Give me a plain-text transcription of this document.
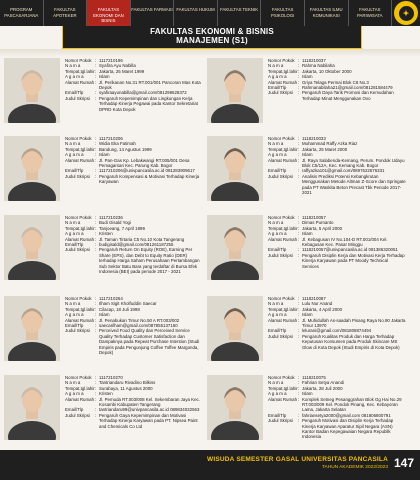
PROGRAM PASCASARJANA
FAKULTAS APOTEKER
FAKULTAS EKONOMI DAN BISNIS
FAKULTAS FARMASI FAKULTAS HUKUM	FAKULTAS TEKNIK	FAKULTAS PSIKOLOGI
FAKULTAS ILMU KOMUNIKASI
FAKULTAS PARIWISATA	✦
FAKULTAS EKONOMI & BISNIS
MANAJEMEN (S1)
Nomor Pokok : 1117210196
N a m a	: Syafira Ayu Nabilla
Tempat,tgl.lahir : Jakarta, 25 Maret 1999
A g a m a	: Islam
Alamat Rumah : Jl. Perikanan No.31 RT.001/001 Pancoran Mas Kota Depok
Email/Tlp	: syafiraayunabilla@gmail.com/081298628372
Judul Skripsi	: Pengaruh Kepemimpinan dan Lingkungan Kerja Terhadap Kinerja Pegawai pada Kantor Sekretariat DPRD Kota Depok
Nomor Pokok : 1118210037
N a m a	: Rahma Nabilaha
Tempat,tgl.lahir : Jakarta, 10 Oktober 2000
A g a m a	: Islam
Alamat Rumah : Griya Telaga Permai Blok C8 No.3
Email/Tlp	: Rahmanabilaha21@gmail.com/081281584479
Judul Skripsi	: Pengaruh Daya Tarik Promosi dan Kemudahan Terhadap Minat Menggunakan Ovo
Nomor Pokok : 1117210206
N a m a	: Widia Eka Fatimah
Tempat,tgl.lahir : Bandung, 14 Agustus 1999
A g a m a	: Islam
Alamat Rumah : Jl. Pan-Gas Kp. Lebakwangi RT.005/001 Desa Pemagarsari Kec. Parung Kab. Bogor
Email/Tlp	: 1117210206@univpancasila.ac.id 081283909617
Judul Skripsi	: Pengaruh Kompensasi & Motivasi Terhadap Kinerja Karyawan
Nomor Pokok : 1118210033
N a m a	: Muhammad Raffy Azka Riaz
Tempat,tgl.lahir : Jakarta, 25 Maret 2000
A g a m a	: Islam
Alamat Rumah : Jl. Raya Salabenda-Kemang, Perum. Pondok Udayu Blok C5/12A, Kec. Kemang Kab. Bogor
Email/Tlp	: raffyazka101@gmail.com/0897622576331
Judul Skripsi	: Analisis Prediksi Potensi Kebangkrutan Menggunakan Metode Altman Z-Score dan Springate pada PT Waskita Beton Precast Tbk Periode 2017-2021
Nomor Pokok : 1117210236
N a m a	: Budi Gisald Yogi
Tempat,tgl.lahir : Tanjoeang, 7 April 1999
A g a m a	: Kristen
Alamat Rumah : Jl. Taman Tirtaria C5 No.10 Kota Tangerang
Email/Tlp	: budigisald@gmail.com/081261187255
Judul Skripsi	: Pengaruh Return On Equity (ROE), Earning Per Share (EPS), dan Debt to Equity Ratio (DER) terhadap Harga Saham Perusahaan Pertambangan Sub Sektor Batu Bara yang terdaftar di Bursa Efek Indonesia (BEI) pada periode 2017 - 2021
Nomor Pokok : 1118210057
N a m a	: Dimas Purnanto
Tempat,tgl.lahir : Jakarta, 5 April 2000
A g a m a	: Islam
Alamat Rumah : Jl. Kebagusan IV No.104-D RT.001/004 Kel. Kebagusan Kec. Pasar Minggu
Email/Tlp	: 1118210057@univpancasila.ac.id 081386320051
Judul Skripsi	: Pengaruh Disiplin Kerja dan Motivasi Kerja Terhadap Kinerja Karyawan pada PT Moody Technical Services
Nomor Pokok : 1117210264
N a m a	: Ilham Sigit Kholfuddin Saecar
Tempat,tgl.lahir : Cilacap, 18 Juli 1998
A g a m a	: Islam
Alamat Rumah : Jl. Penabukan Timur No.50 A RT.003/002
Email/Tlp	: saecarilham@gmail.com/087855137160
Judul Skripsi	: Perceived Food Quality dan Perceived Service Quality Terhadap Customer Satisfaction dan Dampaknya pada Repeat Purchase Intention (Studi Empiris pada Pengunjung Coffee Toffee Margonda, Depok)
Nomor Pokok : 1118210087
N a m a	: Lulu Nur Anand
Tempat,tgl.lahir : Jakarta, 4 April 2000
A g a m a	: Islam
Alamat Rumah : Jl. Muhidullah As-saadah Pisang Raya No.90 Jakarta Timur 13970
Email/Tlp	: lelurani@gmail.com/081808874494
Judul Skripsi	: Pengaruh Kualitas Produk dan Harga Terhadap Keputusan Konsumen pada Produk Skincare MS Glow di Kota Depok (Studi Empiris di Kota Depok)
Nomor Pokok : 1117210270
N a m a	: Tantriandaru Rivadino Bilkiss
Tempat,tgl.lahir : Surabaya, 11 Agustus 2000
A g a m a	: Kristen
Alamat Rumah : Jl. Pemuda RT.003/008 Kel. Sekembaran Jaya Kec. Kosambi Kabupaten Tangerang
Email/Tlp	: tantriandaru99@univpancasila.ac.id 089834032563
Judul Skripsi	: Pengaruh Gaya Kepemimpinan dan Motivasi Terhadap Kinerja Karyawan pada PT. Nipsea Paint and Chemicals Co Ltd
Nomor Pokok : 1118210075
N a m a	: Fahrian Setya Anandi
Tempat,tgl.lahir : Jakarta, 28 Juli 2000
A g a m a	: Islam
Alamat Rumah : Komplek Setneg Pesanggrahan Blok Gg Hai No.29 RT.003/009 Kel. Pondok Pinang, Kec. Kebayoran Lama, Jakarta Selatan
Email/Tlp	: fahriansetya2000@gmail.com 081806800791
Judul Skripsi	: Pengaruh Motivasi dan Disiplin Kerja Terhadap Kinerja Karyawan Aparatur Sipil Negara (ASN) Kantor Badan Kepegawaian Negara Republik Indonesia
WISUDA SEMESTER GASAL UNIVERSITAS PANCASILA
TAHUN AKADEMIK 2022/2023 147
